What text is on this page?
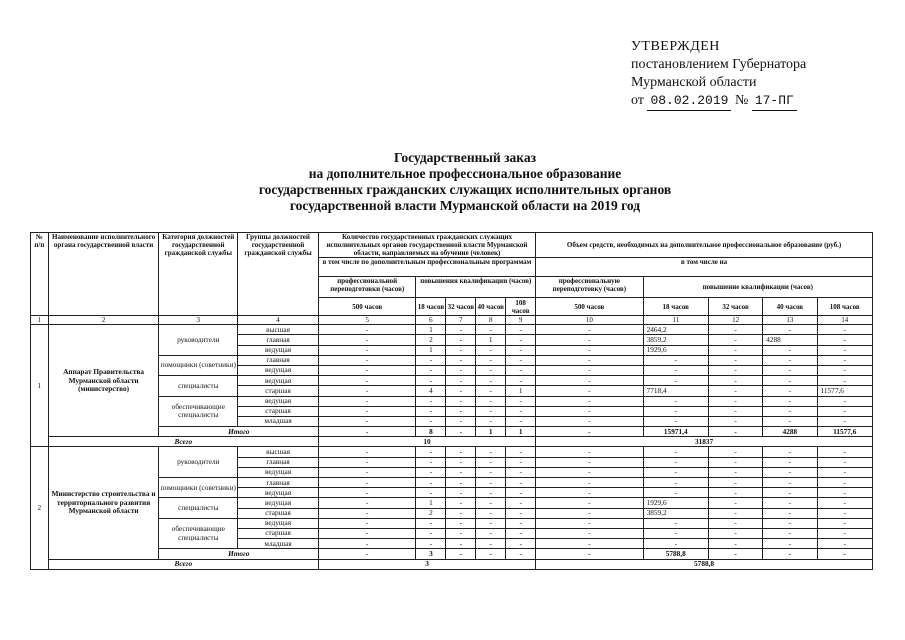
УТВЕРЖДЕН
постановлением Губернатора
Мурманской области
от 08.02.2019 № 17-ПГ
Государственный заказ
на дополнительное профессиональное образование
государственных гражданских служащих исполнительных органов
государственной власти Мурманской области на 2019 год
№ п/п	Наименование исполнительного органа государственной власти	Категория должностей государственной гражданской службы	Группы должностей государственной гражданской службы	Количество государственных гражданских служащих исполнительных органов государственной власти Мурманской области, направляемых на обучение (человек)					Объем средств, необходимых на дополнительное профессиональное образование (руб.)				
				в том числе по дополнительным профессиональным программам					в том числе на				
				профессиональной переподготовки (часов)	повышения квалификации (часов)				профессиональную переподготовку (часов)	повышение квалификации (часов)			
				500 часов	18 часов	32 часов	40 часов	108 часов	500 часов	18 часов	32 часов	40 часов	108 часов
1	2	3	4	5	6	7	8	9	10	11	12	13	14
1	Аппарат Правительства Мурманской области (министерство)	руководители	высшая	-	1	-	-	-	-	2464,2	-	-	-
			главная	-	2	-	1	-	-	3859,2	-	4288	-
			ведущая	-	1	-	-	-	-	1929,6	-	-	-
		помощники (советники)	главная	-	-	-	-	-	-	-	-	-	-
			ведущая	-	-	-	-	-	-	-	-	-	-
		специалисты	ведущая	-	-	-	-	-	-	-	-	-	-
			старшая	-	4	-	-	1	-	7718,4	-	-	11577,6
		обеспечивающие специалисты	ведущая	-	-	-	-	-	-	-	-	-	-
			старшая	-	-	-	-	-	-	-	-	-	-
			младшая	-	-	-	-	-	-	-	-	-	-
		Итого		-	8	-	1	1	-	15971,4	-	4288	11577,6
	Всего			10					31837				
2	Министерство строительства и территориального развития Мурманской области	руководители	высшая	-	-	-	-	-	-	-	-	-	-
			главная	-	-	-	-	-	-	-	-	-	-
			ведущая	-	-	-	-	-	-	-	-	-	-
		помощники (советники)	главная	-	-	-	-	-	-	-	-	-	-
			ведущая	-	-	-	-	-	-	-	-	-	-
		специалисты	ведущая	-	1	-	-	-	-	1929,6	-	-	-
			старшая	-	2	-	-	-	-	3859,2	-	-	-
		обеспечивающие специалисты	ведущая	-	-	-	-	-	-	-	-	-	-
			старшая	-	-	-	-	-	-	-	-	-	-
			младшая	-	-	-	-	-	-	-	-	-	-
		Итого		-	3	-	-	-	-	5788,8	-	-	-
	Всего			3					5788,8				
